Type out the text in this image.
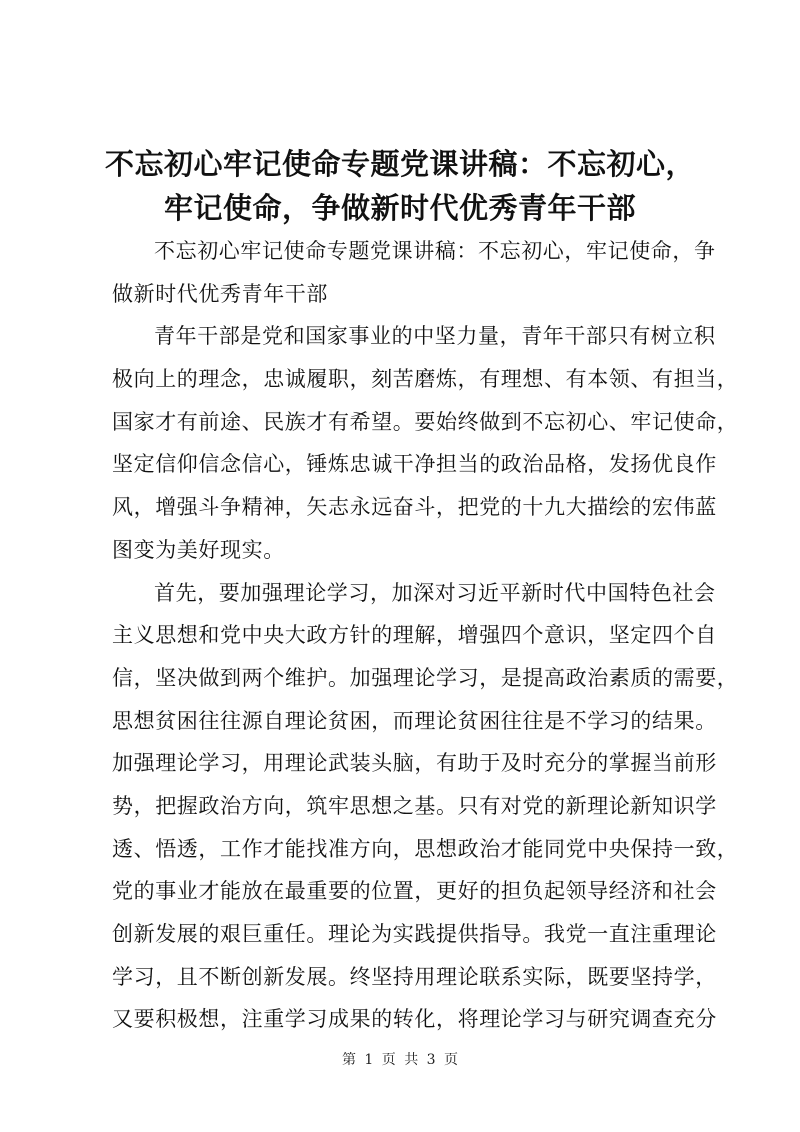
不忘初心牢记使命专题党课讲稿：不忘初心，
牢记使命，争做新时代优秀青年干部
不忘初心牢记使命专题党课讲稿：不忘初心，牢记使命，争
做新时代优秀青年干部
青年干部是党和国家事业的中坚力量，青年干部只有树立积
极向上的理念，忠诚履职，刻苦磨炼，有理想、有本领、有担当，
国家才有前途、民族才有希望。要始终做到不忘初心、牢记使命，
坚定信仰信念信心，锤炼忠诚干净担当的政治品格，发扬优良作
风，增强斗争精神，矢志永远奋斗，把党的十九大描绘的宏伟蓝
图变为美好现实。
首先，要加强理论学习，加深对习近平新时代中国特色社会
主义思想和党中央大政方针的理解，增强四个意识，坚定四个自
信，坚决做到两个维护。加强理论学习，是提高政治素质的需要，
思想贫困往往源自理论贫困，而理论贫困往往是不学习的结果。
加强理论学习，用理论武装头脑，有助于及时充分的掌握当前形
势，把握政治方向，筑牢思想之基。只有对党的新理论新知识学
透、悟透，工作才能找准方向，思想政治才能同党中央保持一致，
党的事业才能放在最重要的位置，更好的担负起领导经济和社会
创新发展的艰巨重任。理论为实践提供指导。我党一直注重理论
学习，且不断创新发展。终坚持用理论联系实际，既要坚持学，
又要积极想，注重学习成果的转化，将理论学习与研究调查充分
第 1 页 共 3 页
